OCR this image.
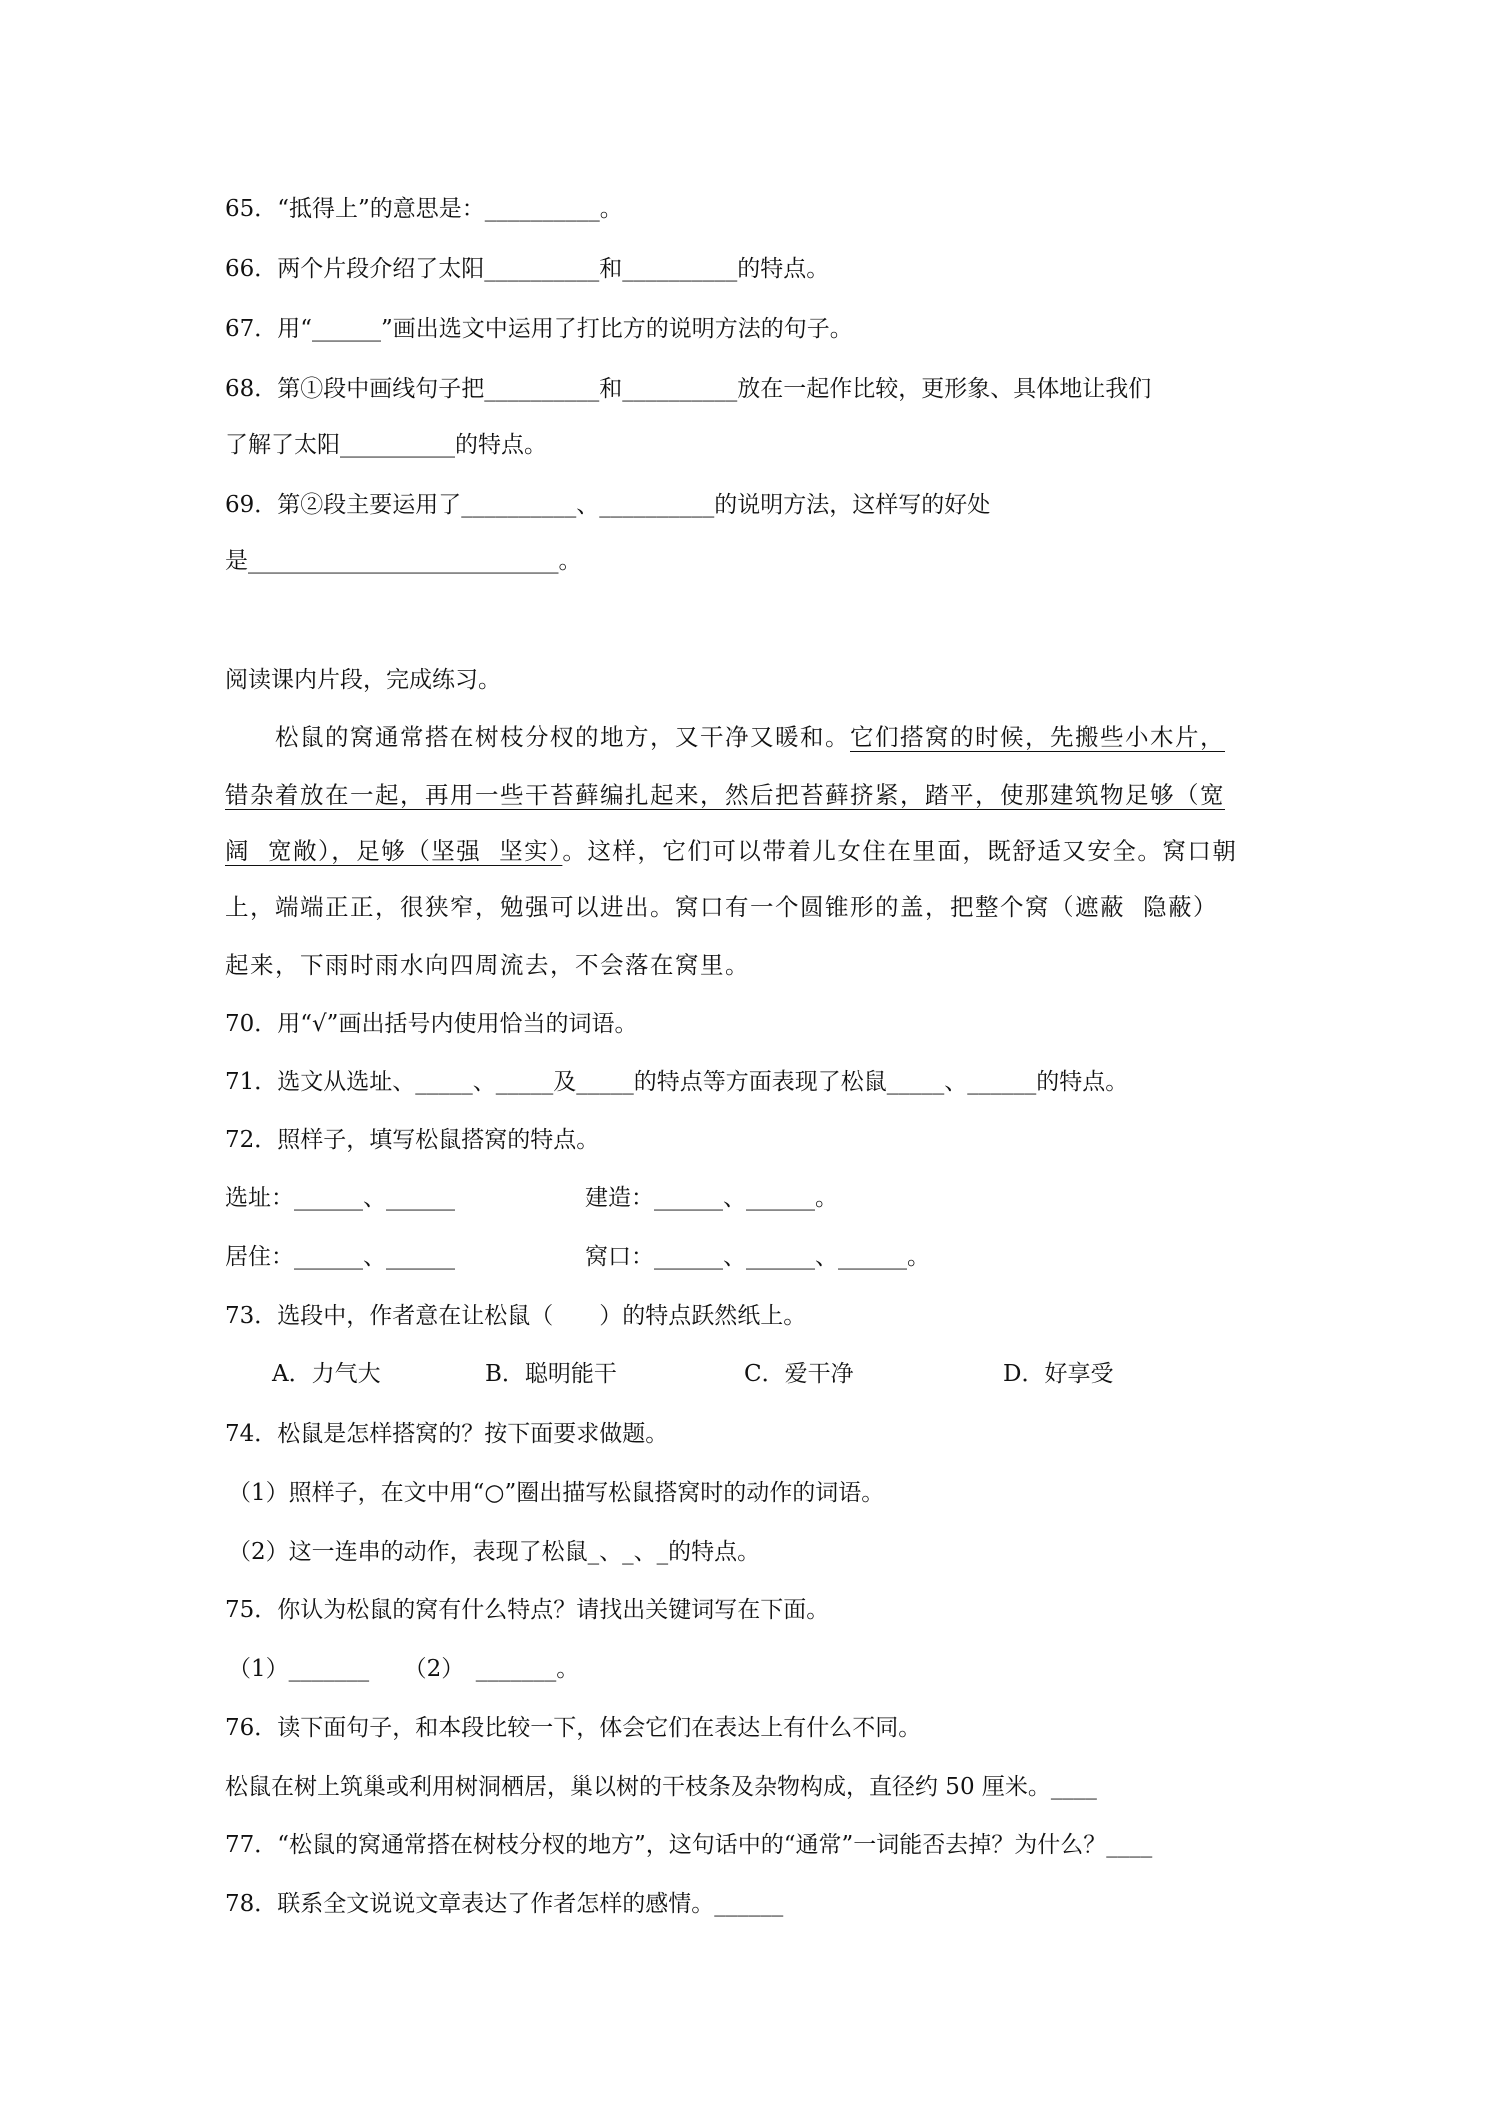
65．“抵得上”的意思是：__________。
66．两个片段介绍了太阳__________和__________的特点。
67．用“______”画出选文中运用了打比方的说明方法的句子。
68．第①段中画线句子把__________和__________放在一起作比较，更形象、具体地让我们
了解了太阳__________的特点。
69．第②段主要运用了__________、__________的说明方法，这样写的好处
是___________________________。
阅读课内片段，完成练习。
　　松鼠的窝通常搭在树枝分杈的地方，又干净又暖和。它们搭窝的时候，先搬些小木片，
错杂着放在一起，再用一些干苔藓编扎起来，然后把苔藓挤紧，踏平，使那建筑物足够（宽
阔  宽敞），足够（坚强  坚实）。这样，它们可以带着儿女住在里面，既舒适又安全。窝口朝
上，端端正正，很狭窄，勉强可以进出。窝口有一个圆锥形的盖，把整个窝（遮蔽  隐蔽）
起来，下雨时雨水向四周流去，不会落在窝里。
70．用“√”画出括号内使用恰当的词语。
71．选文从选址、_____、_____及_____的特点等方面表现了松鼠_____、______的特点。
72．照样子，填写松鼠搭窝的特点。
选址：______、______	建造：______、______。
居住：______、______	窝口：______、______、______。
73．选段中，作者意在让松鼠（　　）的特点跃然纸上。
A．力气大	B．聪明能干	C．爱干净	D．好享受
74．松鼠是怎样搭窝的？按下面要求做题。
（1）照样子，在文中用“○”圈出描写松鼠搭窝时的动作的词语。
（2）这一连串的动作，表现了松鼠_、_、_的特点。
75．你认为松鼠的窝有什么特点？请找出关键词写在下面。
（1）_______　　（2）　_______。
76．读下面句子，和本段比较一下，体会它们在表达上有什么不同。
松鼠在树上筑巢或利用树洞栖居，巢以树的干枝条及杂物构成，直径约 50 厘米。____
77．“松鼠的窝通常搭在树枝分杈的地方”，这句话中的“通常”一词能否去掉？为什么？____
78．联系全文说说文章表达了作者怎样的感情。______
